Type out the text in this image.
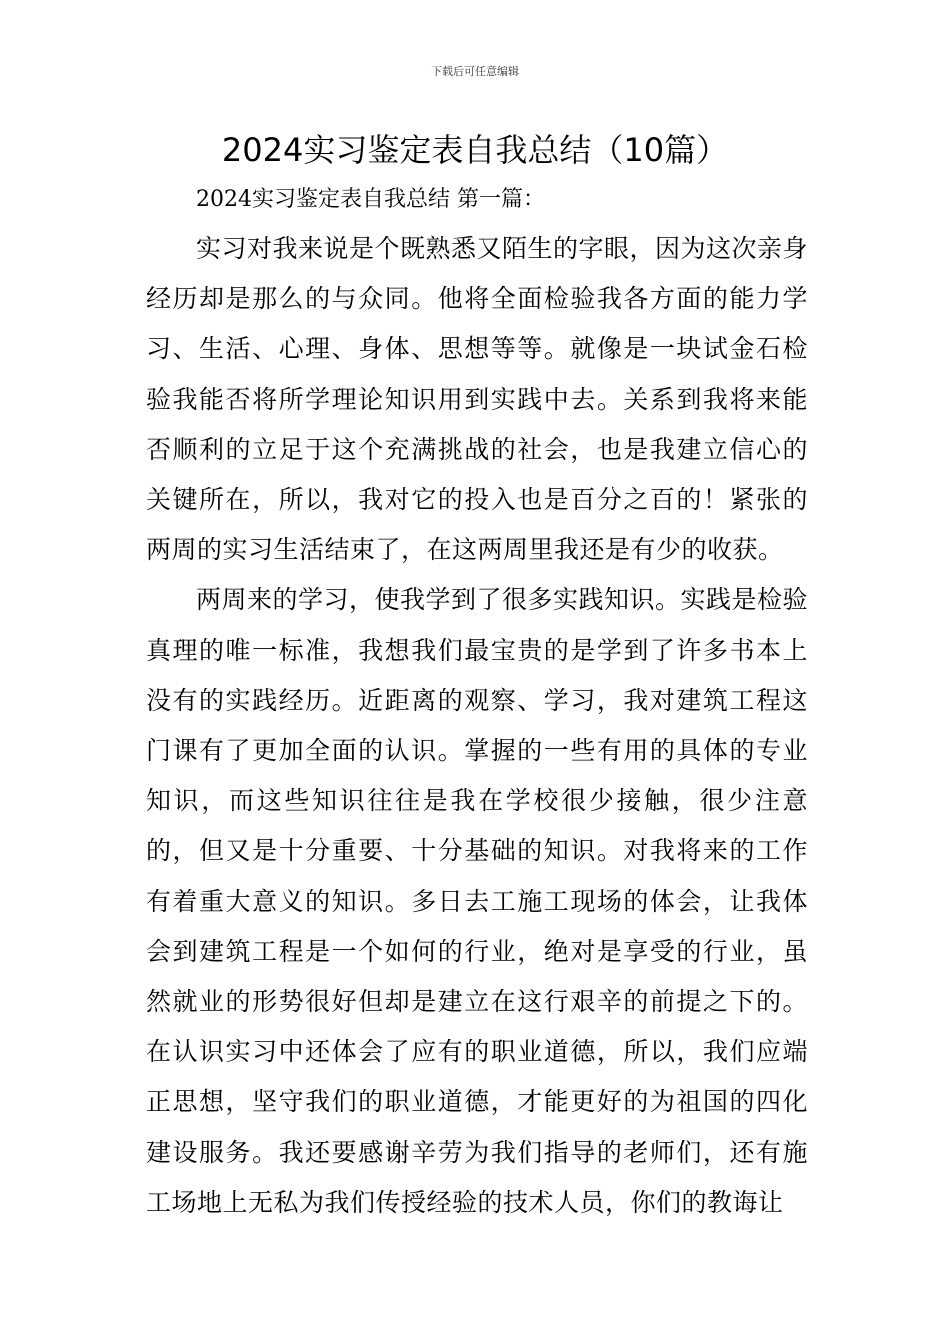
下载后可任意编辑
2024实习鉴定表自我总结（10篇）
2024实习鉴定表自我总结 第一篇：

实习对我来说是个既熟悉又陌生的字眼，因为这次亲身经历却是那么的与众同。他将全面检验我各方面的能力学习、生活、心理、身体、思想等等。就像是一块试金石检验我能否将所学理论知识用到实践中去。关系到我将来能否顺利的立足于这个充满挑战的社会，也是我建立信心的关键所在，所以，我对它的投入也是百分之百的！紧张的两周的实习生活结束了，在这两周里我还是有少的收获。

两周来的学习，使我学到了很多实践知识。实践是检验真理的唯一标准，我想我们最宝贵的是学到了许多书本上没有的实践经历。近距离的观察、学习，我对建筑工程这门课有了更加全面的认识。掌握的一些有用的具体的专业知识，而这些知识往往是我在学校很少接触，很少注意的，但又是十分重要、十分基础的知识。对我将来的工作有着重大意义的知识。多日去工施工现场的体会，让我体会到建筑工程是一个如何的行业，绝对是享受的行业，虽然就业的形势很好但却是建立在这行艰辛的前提之下的。在认识实习中还体会了应有的职业道德，所以，我们应端正思想，坚守我们的职业道德，才能更好的为祖国的四化建设服务。我还要感谢辛劳为我们指导的老师们，还有施工场地上无私为我们传授经验的技术人员，你们的教诲让
